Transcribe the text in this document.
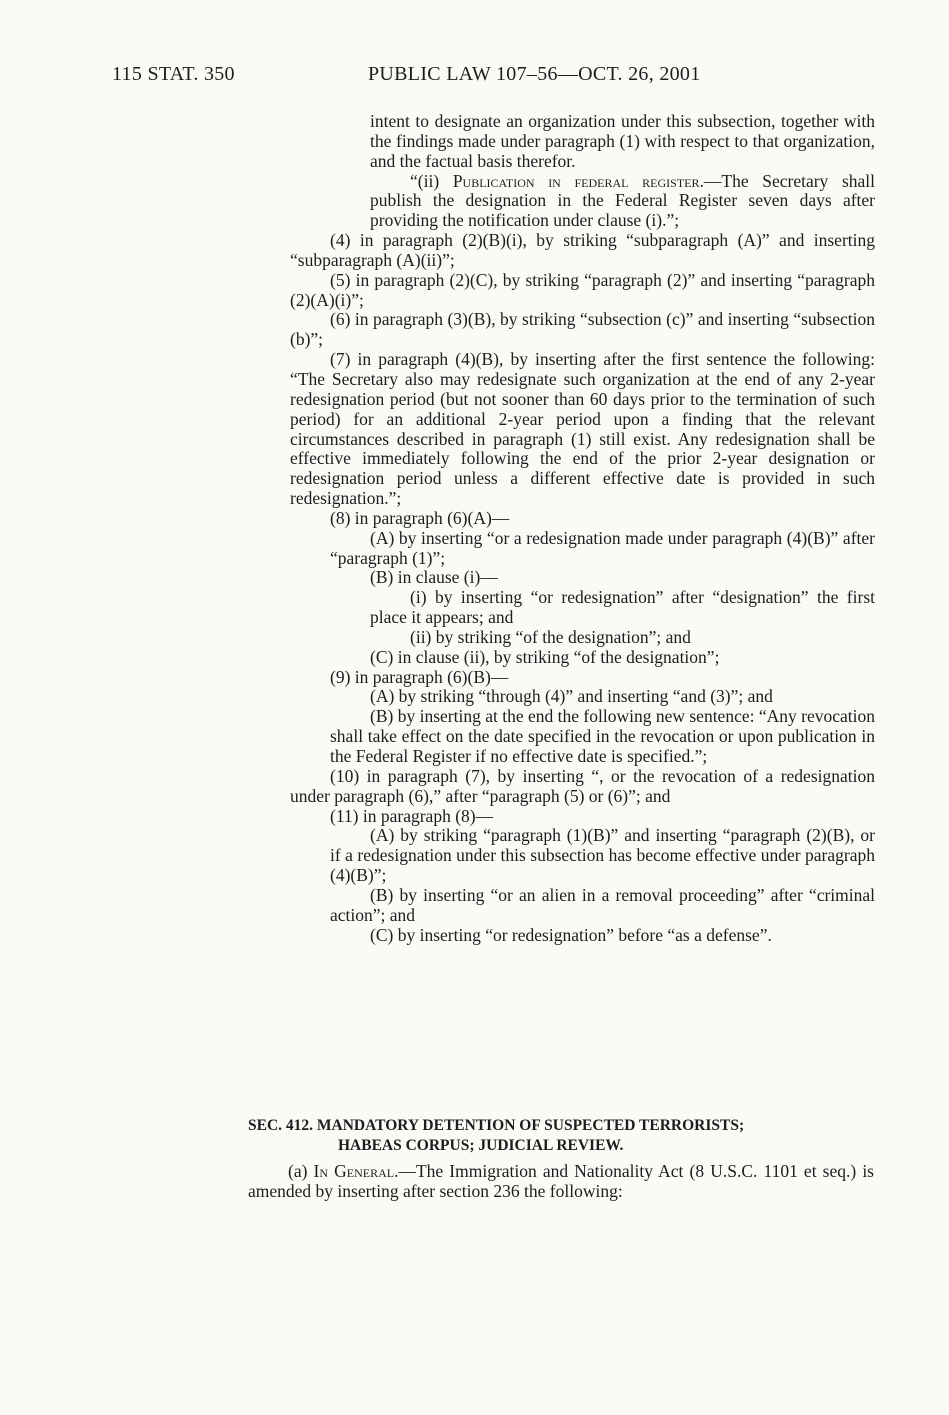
115 STAT. 350	PUBLIC LAW 107–56—OCT. 26, 2001

intent to designate an organization under this subsection, together with the findings made under paragraph (1) with respect to that organization, and the factual basis therefor.

“(ii) Publication in federal register.—The Secretary shall publish the designation in the Federal Register seven days after providing the notification under clause (i).”;

(4) in paragraph (2)(B)(i), by striking “subparagraph (A)” and inserting “subparagraph (A)(ii)”;

(5) in paragraph (2)(C), by striking “paragraph (2)” and inserting “paragraph (2)(A)(i)”;

(6) in paragraph (3)(B), by striking “subsection (c)” and inserting “subsection (b)”;

(7) in paragraph (4)(B), by inserting after the first sentence the following: “The Secretary also may redesignate such organization at the end of any 2-year redesignation period (but not sooner than 60 days prior to the termination of such period) for an additional 2-year period upon a finding that the relevant circumstances described in paragraph (1) still exist. Any redesignation shall be effective immediately following the end of the prior 2-year designation or redesignation period unless a different effective date is provided in such redesignation.”;

(8) in paragraph (6)(A)—

(A) by inserting “or a redesignation made under paragraph (4)(B)” after “paragraph (1)”;

(B) in clause (i)—

(i) by inserting “or redesignation” after “designation” the first place it appears; and

(ii) by striking “of the designation”; and

(C) in clause (ii), by striking “of the designation”;

(9) in paragraph (6)(B)—

(A) by striking “through (4)” and inserting “and (3)”; and

(B) by inserting at the end the following new sentence: “Any revocation shall take effect on the date specified in the revocation or upon publication in the Federal Register if no effective date is specified.”;

(10) in paragraph (7), by inserting “, or the revocation of a redesignation under paragraph (6),” after “paragraph (5) or (6)”; and

(11) in paragraph (8)—

(A) by striking “paragraph (1)(B)” and inserting “paragraph (2)(B), or if a redesignation under this subsection has become effective under paragraph (4)(B)”;

(B) by inserting “or an alien in a removal proceeding” after “criminal action”; and

(C) by inserting “or redesignation” before “as a defense”.

SEC. 412. MANDATORY DETENTION OF SUSPECTED TERRORISTS;
HABEAS CORPUS; JUDICIAL REVIEW.

(a) In General.—The Immigration and Nationality Act (8 U.S.C. 1101 et seq.) is amended by inserting after section 236 the following:
